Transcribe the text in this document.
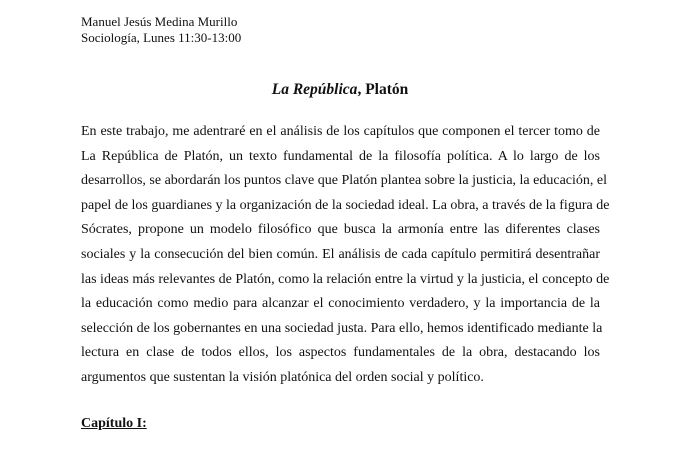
Manuel Jesús Medina Murillo
Sociología, Lunes 11:30-13:00
La República, Platón
En este trabajo, me adentraré en el análisis de los capítulos que componen el tercer tomo de
La República de Platón, un texto fundamental de la filosofía política. A lo largo de los
desarrollos, se abordarán los puntos clave que Platón plantea sobre la justicia, la educación, el
papel de los guardianes y la organización de la sociedad ideal. La obra, a través de la figura de
Sócrates, propone un modelo filosófico que busca la armonía entre las diferentes clases
sociales y la consecución del bien común. El análisis de cada capítulo permitirá desentrañar
las ideas más relevantes de Platón, como la relación entre la virtud y la justicia, el concepto de
la educación como medio para alcanzar el conocimiento verdadero, y la importancia de la
selección de los gobernantes en una sociedad justa. Para ello, hemos identificado mediante la
lectura en clase de todos ellos, los aspectos fundamentales de la obra, destacando los
argumentos que sustentan la visión platónica del orden social y político.
Capítulo I:
